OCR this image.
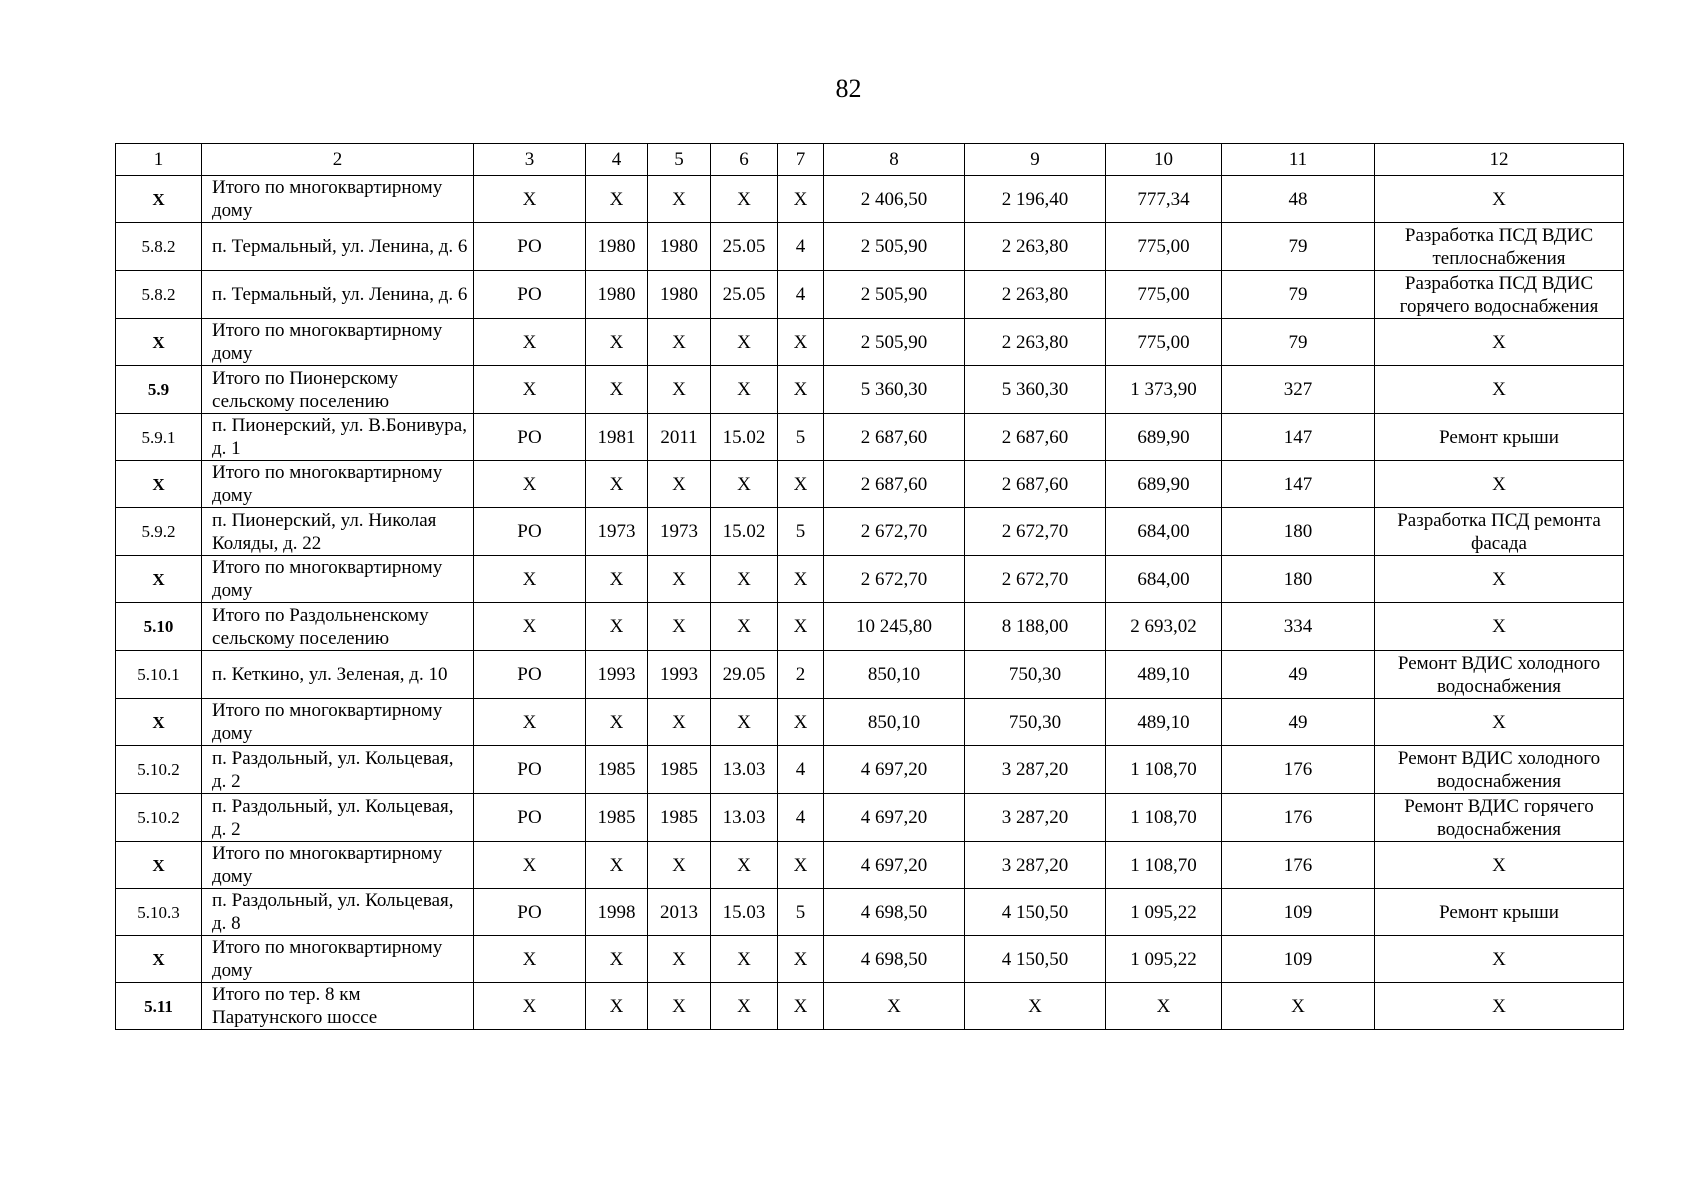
82
1	2	3	4	5	6	7	8	9	10	11	12
X	Итого по многоквартирному дому	X	X	X	X	X	2 406,50	2 196,40	777,34	48	X
5.8.2	п. Термальный, ул. Ленина, д. 6	РО	1980	1980	25.05	4	2 505,90	2 263,80	775,00	79	Разработка ПСД ВДИС теплоснабжения
5.8.2	п. Термальный, ул. Ленина, д. 6	РО	1980	1980	25.05	4	2 505,90	2 263,80	775,00	79	Разработка ПСД ВДИС горячего водоснабжения
X	Итого по многоквартирному дому	X	X	X	X	X	2 505,90	2 263,80	775,00	79	X
5.9	Итого по Пионерскому сельскому поселению	X	X	X	X	X	5 360,30	5 360,30	1 373,90	327	X
5.9.1	п. Пионерский, ул. В.Бонивура, д. 1	РО	1981	2011	15.02	5	2 687,60	2 687,60	689,90	147	Ремонт крыши
X	Итого по многоквартирному дому	X	X	X	X	X	2 687,60	2 687,60	689,90	147	X
5.9.2	п. Пионерский, ул. Николая Коляды, д. 22	РО	1973	1973	15.02	5	2 672,70	2 672,70	684,00	180	Разработка ПСД ремонта фасада
X	Итого по многоквартирному дому	X	X	X	X	X	2 672,70	2 672,70	684,00	180	X
5.10	Итого по Раздольненскому сельскому поселению	X	X	X	X	X	10 245,80	8 188,00	2 693,02	334	X
5.10.1	п. Кеткино, ул. Зеленая, д. 10	РО	1993	1993	29.05	2	850,10	750,30	489,10	49	Ремонт ВДИС холодного водоснабжения
X	Итого по многоквартирному дому	X	X	X	X	X	850,10	750,30	489,10	49	X
5.10.2	п. Раздольный, ул. Кольцевая, д. 2	РО	1985	1985	13.03	4	4 697,20	3 287,20	1 108,70	176	Ремонт ВДИС холодного водоснабжения
5.10.2	п. Раздольный, ул. Кольцевая, д. 2	РО	1985	1985	13.03	4	4 697,20	3 287,20	1 108,70	176	Ремонт ВДИС горячего водоснабжения
X	Итого по многоквартирному дому	X	X	X	X	X	4 697,20	3 287,20	1 108,70	176	X
5.10.3	п. Раздольный, ул. Кольцевая, д. 8	РО	1998	2013	15.03	5	4 698,50	4 150,50	1 095,22	109	Ремонт крыши
X	Итого по многоквартирному дому	X	X	X	X	X	4 698,50	4 150,50	1 095,22	109	X
5.11	Итого по тер. 8 км Паратунского шоссе	X	X	X	X	X	X	X	X	X	X
